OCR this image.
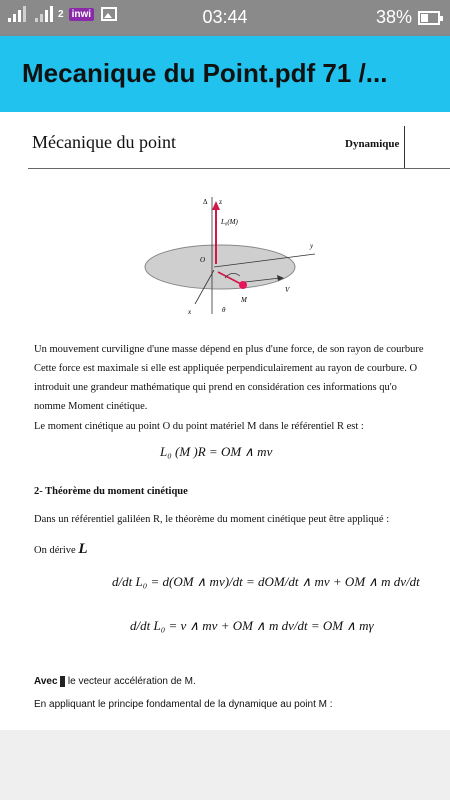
2 inwi	03:44	38%
Mecanique du Point.pdf 71 /...
Mécanique du point	Dynamique
Δ z
L₀(M)
O
y
x	θ
M
V
Un mouvement curviligne d'une masse dépend en plus d'une force, de son rayon de courbure
Cette force est maximale si elle est appliquée perpendiculairement au rayon de courbure. O
introduit une grandeur mathématique qui prend en considération ces informations qu'o
nomme Moment cinétique.
Le moment cinétique au point O du point matériel M dans le référentiel R est :
L₀ (M )R = OM ∧ mv
2- Théorème du moment cinétique
Dans un référentiel galiléen R, le théorème du moment cinétique peut être appliqué :
On dérive L
d/dt L₀ = d(OM ∧ mv)/dt = dOM/dt ∧ mv + OM ∧ m dv/dt
d/dt L₀ = v ∧ mv + OM ∧ m dv/dt = OM ∧ mγ
Avec le vecteur accélération de M.
En appliquant le principe fondamental de la dynamique au point M :
